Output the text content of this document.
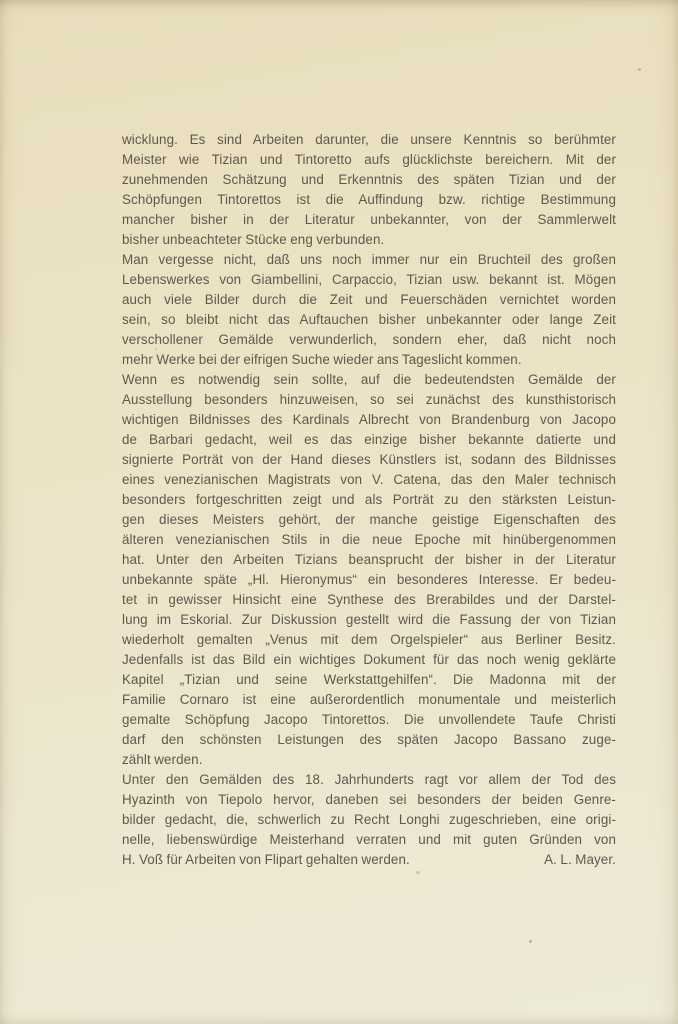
wicklung. Es sind Arbeiten darunter, die unsere Kenntnis so berühmter
Meister wie Tizian und Tintoretto aufs glücklichste bereichern. Mit der
zunehmenden Schätzung und Erkenntnis des späten Tizian und der
Schöpfungen Tintorettos ist die Auffindung bzw. richtige Bestimmung
mancher bisher in der Literatur unbekannter, von der Sammlerwelt
bisher unbeachteter Stücke eng verbunden.
Man vergesse nicht, daß uns noch immer nur ein Bruchteil des großen
Lebenswerkes von Giambellini, Carpaccio, Tizian usw. bekannt ist. Mögen
auch viele Bilder durch die Zeit und Feuerschäden vernichtet worden
sein, so bleibt nicht das Auftauchen bisher unbekannter oder lange Zeit
verschollener Gemälde verwunderlich, sondern eher, daß nicht noch
mehr Werke bei der eifrigen Suche wieder ans Tageslicht kommen.
Wenn es notwendig sein sollte, auf die bedeutendsten Gemälde der
Ausstellung besonders hinzuweisen, so sei zunächst des kunsthistorisch
wichtigen Bildnisses des Kardinals Albrecht von Brandenburg von Jacopo
de Barbari gedacht, weil es das einzige bisher bekannte datierte und
signierte Porträt von der Hand dieses Künstlers ist, sodann des Bildnisses
eines venezianischen Magistrats von V. Catena, das den Maler technisch
besonders fortgeschritten zeigt und als Porträt zu den stärksten Leistun-
gen dieses Meisters gehört, der manche geistige Eigenschaften des
älteren venezianischen Stils in die neue Epoche mit hinübergenommen
hat. Unter den Arbeiten Tizians beansprucht der bisher in der Literatur
unbekannte späte „Hl. Hieronymus“ ein besonderes Interesse. Er bedeu-
tet in gewisser Hinsicht eine Synthese des Brerabildes und der Darstel-
lung im Eskorial. Zur Diskussion gestellt wird die Fassung der von Tizian
wiederholt gemalten „Venus mit dem Orgelspieler“ aus Berliner Besitz.
Jedenfalls ist das Bild ein wichtiges Dokument für das noch wenig geklärte
Kapitel „Tizian und seine Werkstattgehilfen“. Die Madonna mit der
Familie Cornaro ist eine außerordentlich monumentale und meisterlich
gemalte Schöpfung Jacopo Tintorettos. Die unvollendete Taufe Christi
darf den schönsten Leistungen des späten Jacopo Bassano zuge-
zählt werden.
Unter den Gemälden des 18. Jahrhunderts ragt vor allem der Tod des
Hyazinth von Tiepolo hervor, daneben sei besonders der beiden Genre-
bilder gedacht, die, schwerlich zu Recht Longhi zugeschrieben, eine origi-
nelle, liebenswürdige Meisterhand verraten und mit guten Gründen von
H. Voß für Arbeiten von Flipart gehalten werden.	A. L. Mayer.
